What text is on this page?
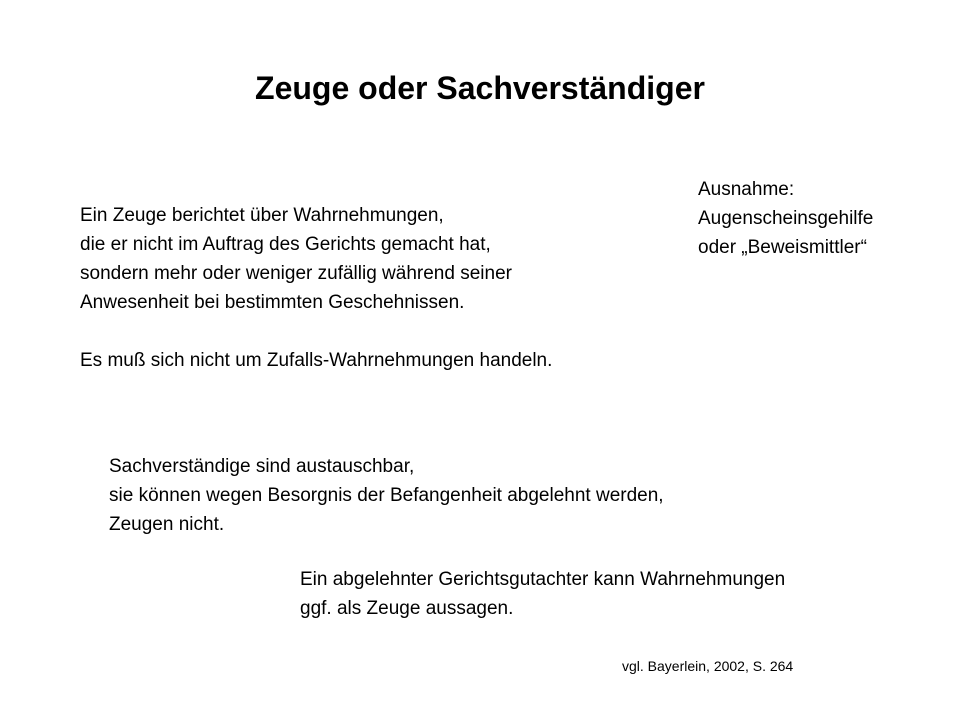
Zeuge oder Sachverständiger
Ein Zeuge berichtet über Wahrnehmungen,
die er nicht im Auftrag des Gerichts gemacht hat,
sondern mehr oder weniger zufällig während seiner
Anwesenheit bei bestimmten Geschehnissen.
Es muß sich nicht um Zufalls-Wahrnehmungen handeln.
Ausnahme:
Augenscheinsgehilfe
oder „Beweismittler“
Sachverständige sind austauschbar,
sie können wegen Besorgnis der Befangenheit abgelehnt werden,
Zeugen nicht.
Ein abgelehnter Gerichtsgutachter kann Wahrnehmungen
ggf. als Zeuge aussagen.
vgl. Bayerlein, 2002, S. 264
